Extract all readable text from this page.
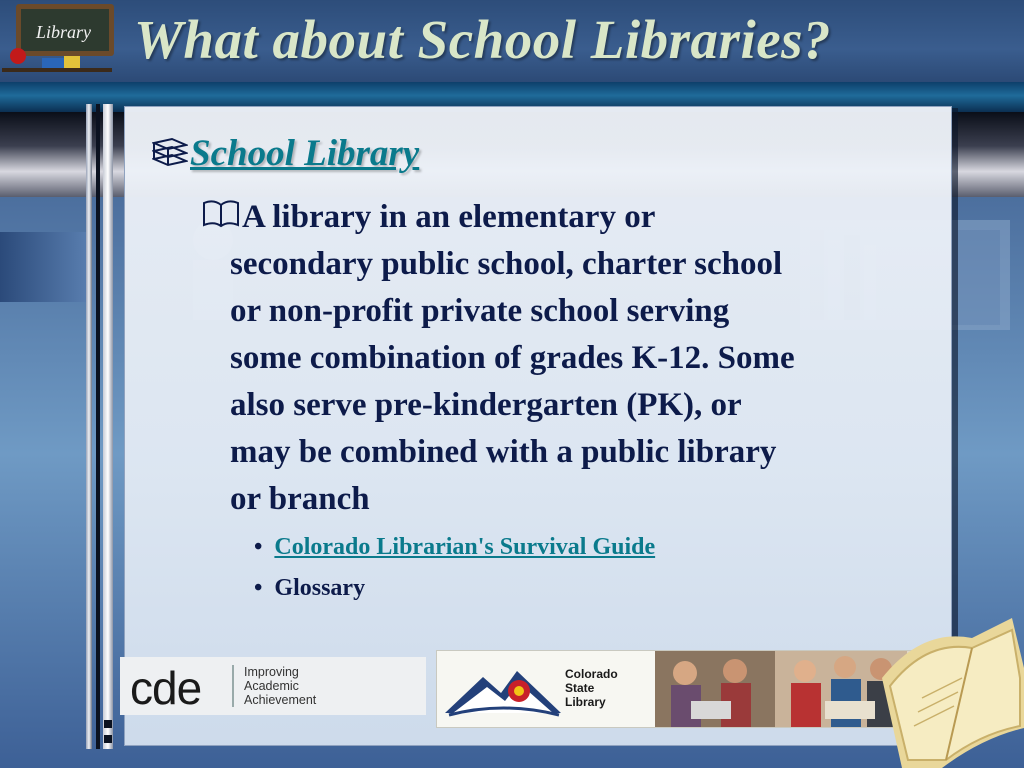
Library What about School Libraries?
School Library
A library in an elementary or
secondary public school, charter school
or non-profit private school serving
some combination of grades K-12. Some
also serve pre-kindergarten (PK), or
may be combined with a public library
or branch
• Colorado Librarian's Survival Guide
• Glossary
cde	Improving
Academic
Achievement
Colorado
State
Library
